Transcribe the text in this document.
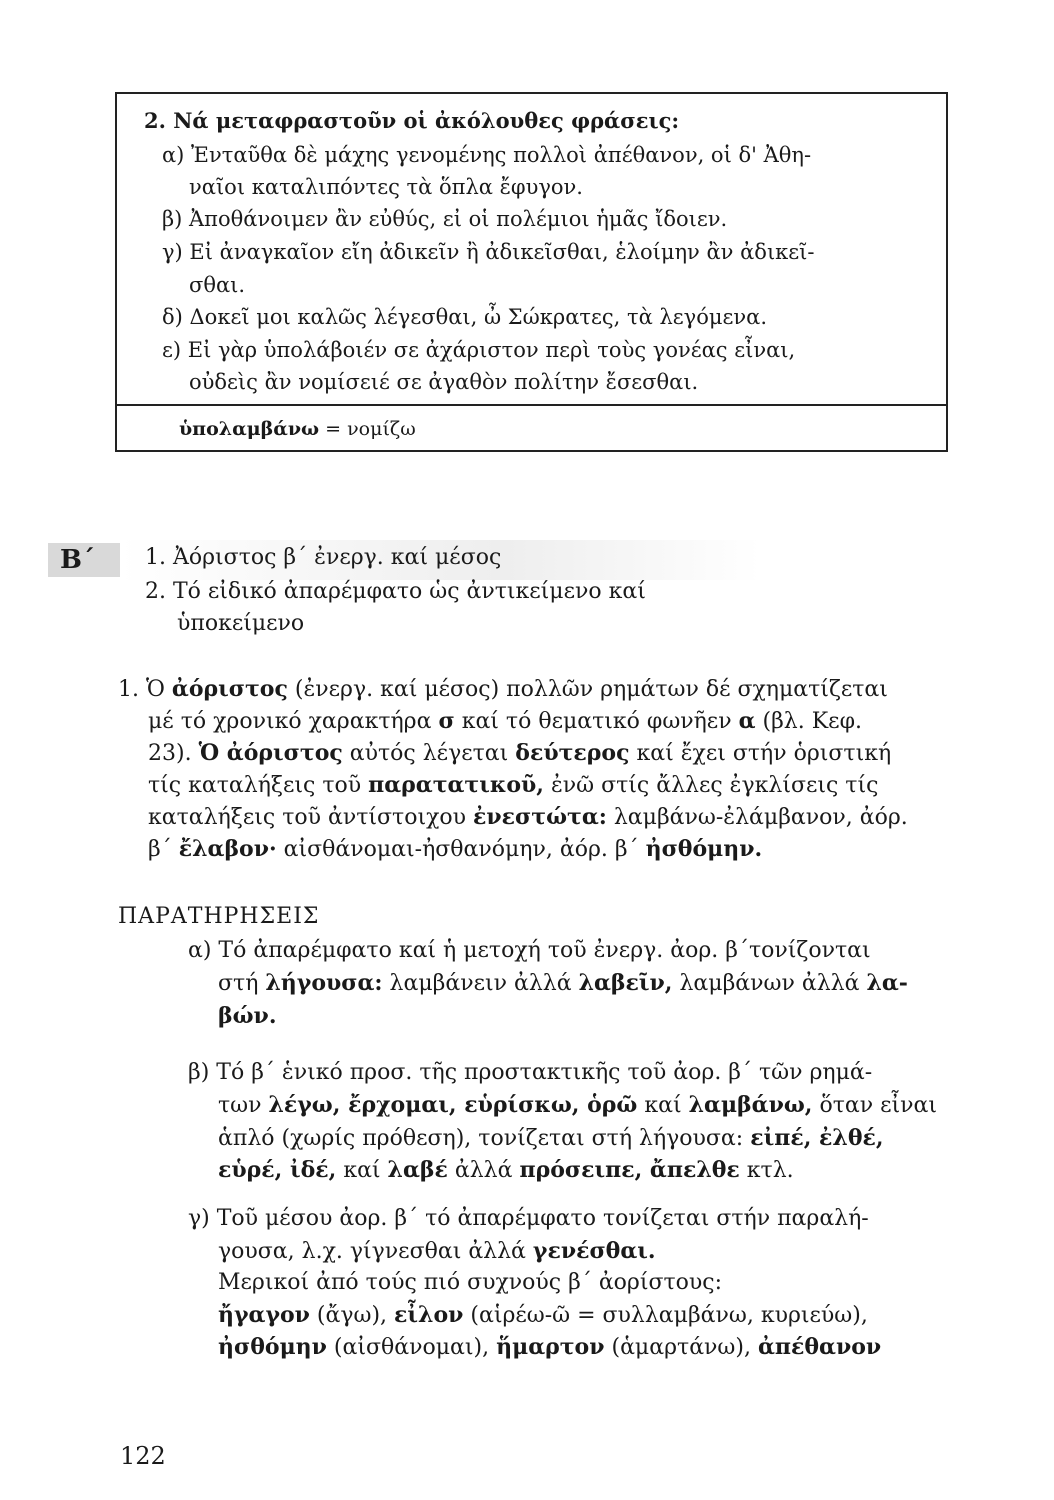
2. Νά μεταφραστοῦν οἱ ἀκόλουθες φράσεις:
α) Ἐνταῦθα δὲ μάχης γενομένης πολλοὶ ἀπέθανον, οἱ δ' Ἀθη-
ναῖοι καταλιπόντες τὰ ὅπλα ἔφυγον.
β) Ἀποθάνοιμεν ἂν εὐθύς, εἰ οἱ πολέμιοι ἡμᾶς ἴδοιεν.
γ) Εἰ ἀναγκαῖον εἴη ἀδικεῖν ἢ ἀδικεῖσθαι, ἑλοίμην ἂν ἀδικεῖ-
σθαι.
δ) Δοκεῖ μοι καλῶς λέγεσθαι, ὦ Σώκρατες, τὰ λεγόμενα.
ε) Εἰ γὰρ ὑπολάβοιέν σε ἀχάριστον περὶ τοὺς γονέας εἶναι,
οὐδεὶς ἂν νομίσειέ σε ἀγαθὸν πολίτην ἔσεσθαι.
ὑπολαμβάνω = νομίζω
Β΄	1. Ἀόριστος β΄ ἐνεργ. καί μέσος
2. Τό εἰδικό ἀπαρέμφατο ὡς ἀντικείμενο καί
ὑποκείμενο
1. Ὁ ἀόριστος (ἐνεργ. καί μέσος) πολλῶν ρημάτων δέ σχηματίζεται
μέ τό χρονικό χαρακτήρα σ καί τό θεματικό φωνῆεν α (βλ. Κεφ.
23). Ὁ ἀόριστος αὐτός λέγεται δεύτερος καί ἔχει στήν ὁριστική
τίς καταλήξεις τοῦ παρατατικοῦ, ἐνῶ στίς ἄλλες ἐγκλίσεις τίς
καταλήξεις τοῦ ἀντίστοιχου ἐνεστώτα: λαμβάνω-ἐλάμβανον, ἀόρ.
β΄ ἔλαβον· αἰσθάνομαι-ἠσθανόμην, ἀόρ. β΄ ἠσθόμην.
ΠΑΡΑΤΗΡΗΣΕΙΣ
α) Τό ἀπαρέμφατο καί ἡ μετοχή τοῦ ἐνεργ. ἀορ. β΄τονίζονται
στή λήγουσα: λαμβάνειν ἀλλά λαβεῖν, λαμβάνων ἀλλά λα-
βών.
β) Τό β΄ ἑνικό προσ. τῆς προστακτικῆς τοῦ ἀορ. β΄ τῶν ρημά-
των λέγω, ἔρχομαι, εὑρίσκω, ὁρῶ καί λαμβάνω, ὅταν εἶναι
ἁπλό (χωρίς πρόθεση), τονίζεται στή λήγουσα: εἰπέ, ἐλθέ,
εὑρέ, ἰδέ, καί λαβέ ἀλλά πρόσειπε, ἄπελθε κτλ.
γ) Τοῦ μέσου ἀορ. β΄ τό ἀπαρέμφατο τονίζεται στήν παραλή-
γουσα, λ.χ. γίγνεσθαι ἀλλά γενέσθαι.
Μερικοί ἀπό τούς πιό συχνούς β΄ ἀορίστους:
ἤγαγον (ἄγω), εἶλον (αἱρέω-ῶ = συλλαμβάνω, κυριεύω),
ἠσθόμην (αἰσθάνομαι), ἥμαρτον (ἁμαρτάνω), ἀπέθανον
122
